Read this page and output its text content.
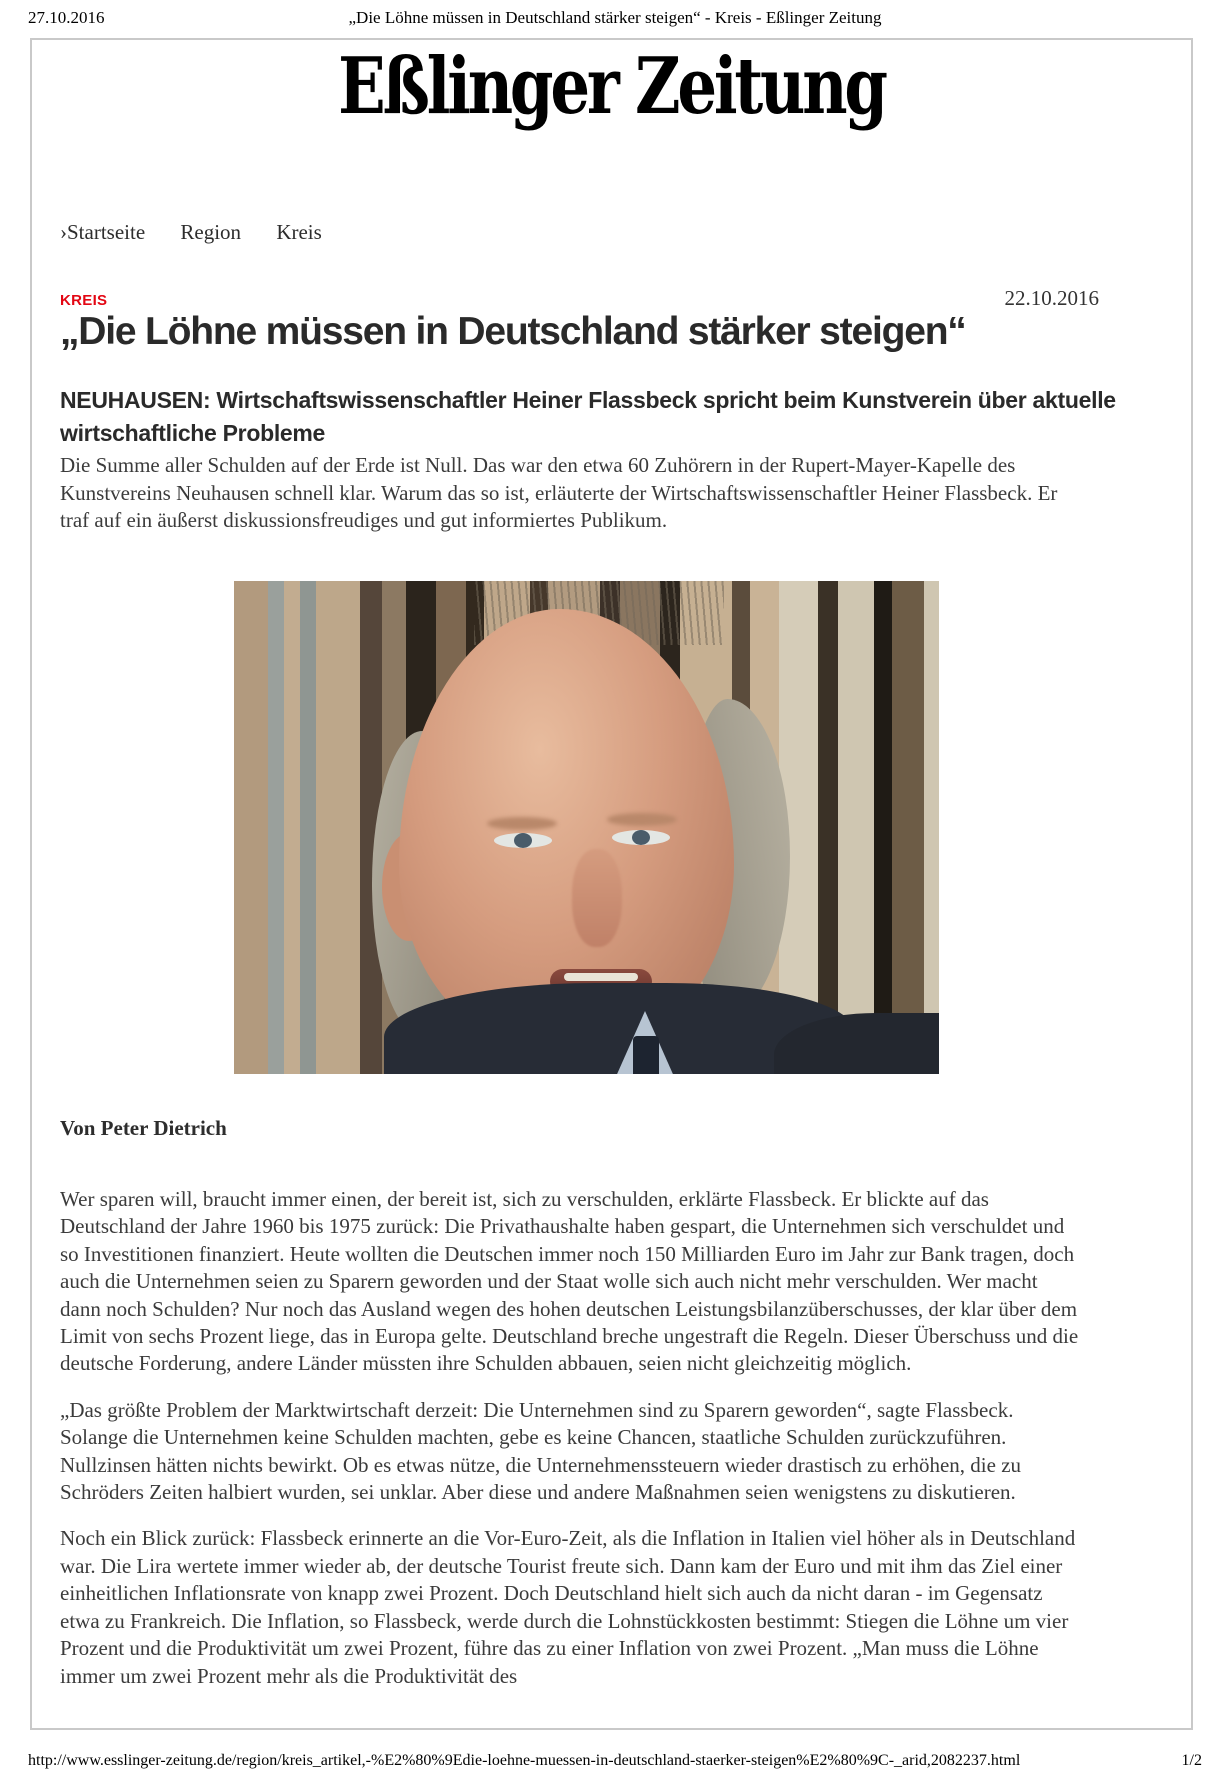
27.10.2016	„Die Löhne müssen in Deutschland stärker steigen“ - Kreis - Eßlinger Zeitung
Eßlinger Zeitung
›Startseite Region Kreis
KREIS	22.10.2016
„Die Löhne müssen in Deutschland stärker steigen“
NEUHAUSEN: Wirtschaftswissenschaftler Heiner Flassbeck spricht beim Kunstverein über aktuelle wirtschaftliche Probleme

Die Summe aller Schulden auf der Erde ist Null. Das war den etwa 60 Zuhörern in der Rupert-Mayer-Kapelle des Kunstvereins Neuhausen schnell klar. Warum das so ist, erläuterte der Wirtschaftswissenschaftler Heiner Flassbeck. Er traf auf ein äußerst diskussionsfreudiges und gut informiertes Publikum.

Von Peter Dietrich

Wer sparen will, braucht immer einen, der bereit ist, sich zu verschulden, erklärte Flassbeck. Er blickte auf das Deutschland der Jahre 1960 bis 1975 zurück: Die Privathaushalte haben gespart, die Unternehmen sich verschuldet und so Investitionen finanziert. Heute wollten die Deutschen immer noch 150 Milliarden Euro im Jahr zur Bank tragen, doch auch die Unternehmen seien zu Sparern geworden und der Staat wolle sich auch nicht mehr verschulden. Wer macht dann noch Schulden? Nur noch das Ausland wegen des hohen deutschen Leistungsbilanzüberschusses, der klar über dem Limit von sechs Prozent liege, das in Europa gelte. Deutschland breche ungestraft die Regeln. Dieser Überschuss und die deutsche Forderung, andere Länder müssten ihre Schulden abbauen, seien nicht gleichzeitig möglich.

„Das größte Problem der Marktwirtschaft derzeit: Die Unternehmen sind zu Sparern geworden“, sagte Flassbeck. Solange die Unternehmen keine Schulden machten, gebe es keine Chancen, staatliche Schulden zurückzuführen. Nullzinsen hätten nichts bewirkt. Ob es etwas nütze, die Unternehmenssteuern wieder drastisch zu erhöhen, die zu Schröders Zeiten halbiert wurden, sei unklar. Aber diese und andere Maßnahmen seien wenigstens zu diskutieren.

Noch ein Blick zurück: Flassbeck erinnerte an die Vor-Euro-Zeit, als die Inflation in Italien viel höher als in Deutschland war. Die Lira wertete immer wieder ab, der deutsche Tourist freute sich. Dann kam der Euro und mit ihm das Ziel einer einheitlichen Inflationsrate von knapp zwei Prozent. Doch Deutschland hielt sich auch da nicht daran - im Gegensatz etwa zu Frankreich. Die Inflation, so Flassbeck, werde durch die Lohnstückkosten bestimmt: Stiegen die Löhne um vier Prozent und die Produktivität um zwei Prozent, führe das zu einer Inflation von zwei Prozent. „Man muss die Löhne immer um zwei Prozent mehr als die Produktivität des

http://www.esslinger-zeitung.de/region/kreis_artikel,-%E2%80%9Edie-loehne-muessen-in-deutschland-staerker-steigen%E2%80%9C-_arid,2082237.html	1/2
